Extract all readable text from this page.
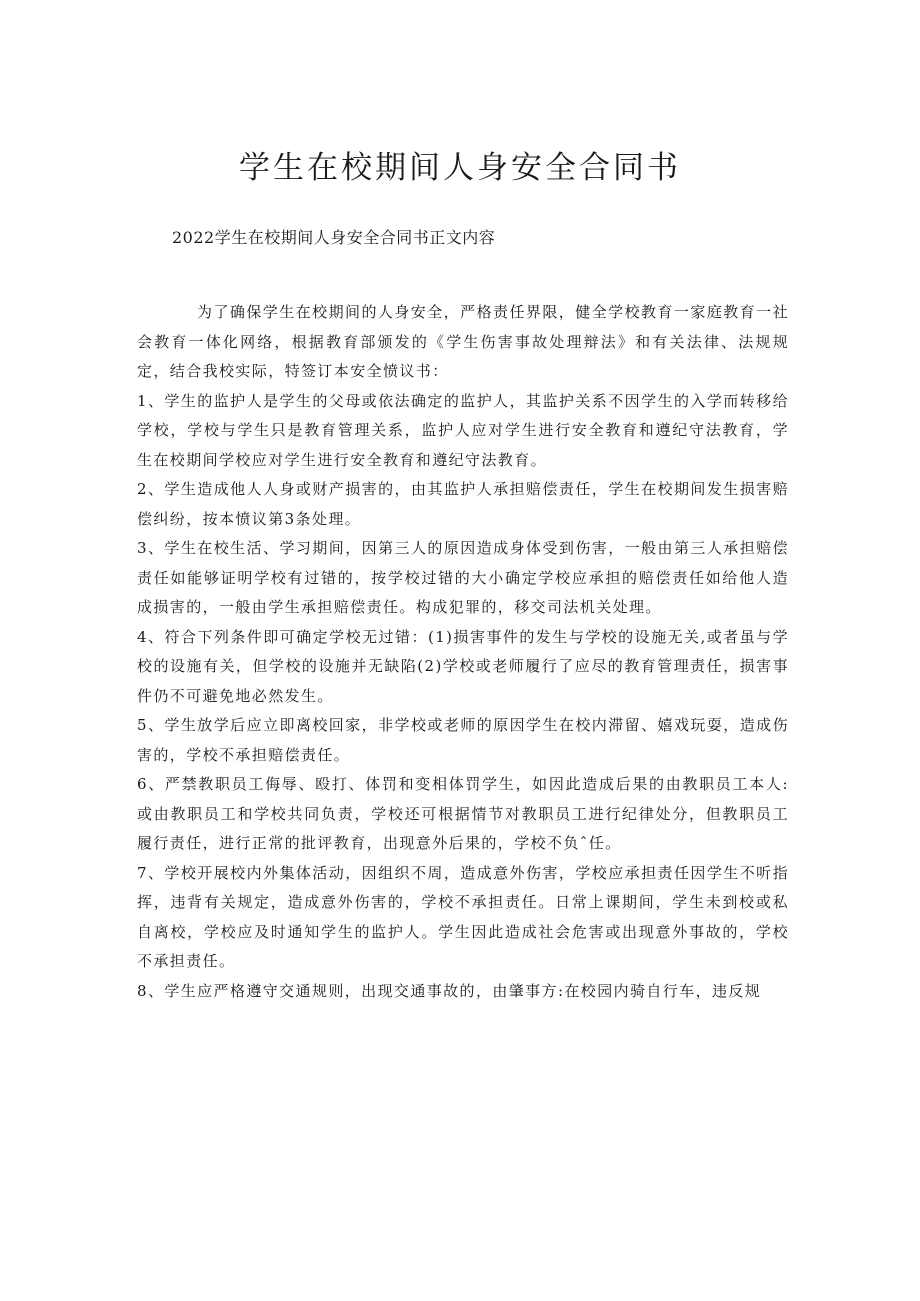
学生在校期间人身安全合同书

2022学生在校期间人身安全合同书正文内容

为了确保学生在校期间的人身安全，严格责任界限，健全学校教育一家庭教育一社会教育一体化网络，根据教育部颁发的《学生伤害事故处理辩法》和有关法律、法规规定，结合我校实际，特签订本安全愤议书：

1、学生的监护人是学生的父母或依法确定的监护人，其监护关系不因学生的入学而转移给学校，学校与学生只是教育管理关系，监护人应对学生进行安全教育和遵纪守法教育，学生在校期间学校应对学生进行安全教育和遵纪守法教育。

2、学生造成他人人身或财产损害的，由其监护人承担赔偿责任，学生在校期间发生损害赔偿纠纷，按本愤议第3条处理。

3、学生在校生活、学习期间，因第三人的原因造成身体受到伤害，一般由第三人承担赔偿责任如能够证明学校有过错的，按学校过错的大小确定学校应承担的赔偿责任如给他人造成损害的，一般由学生承担赔偿责任。构成犯罪的，移交司法机关处理。

4、符合下列条件即可确定学校无过错：(1)损害事件的发生与学校的设施无关,或者虽与学校的设施有关，但学校的设施并无缺陷(2)学校或老师履行了应尽的教育管理责任，损害事件仍不可避免地必然发生。

5、学生放学后应立即离校回家，非学校或老师的原因学生在校内滞留、嬉戏玩耍，造成伤害的，学校不承担赔偿责任。

6、严禁教职员工侮辱、殴打、体罚和变相体罚学生，如因此造成后果的由教职员工本人:或由教职员工和学校共同负责，学校还可根据情节对教职员工进行纪律处分，但教职员工履行责任，进行正常的批评教育，出现意外后果的，学校不负ˆ任。

7、学校开展校内外集体活动，因组织不周，造成意外伤害，学校应承担责任因学生不听指挥，违背有关规定，造成意外伤害的，学校不承担责任。日常上课期间，学生未到校或私自离校，学校应及时通知学生的监护人。学生因此造成社会危害或出现意外事故的，学校不承担责任。

8、学生应严格遵守交通规则，出现交通事故的，由肇事方:在校园内骑自行车，违反规
